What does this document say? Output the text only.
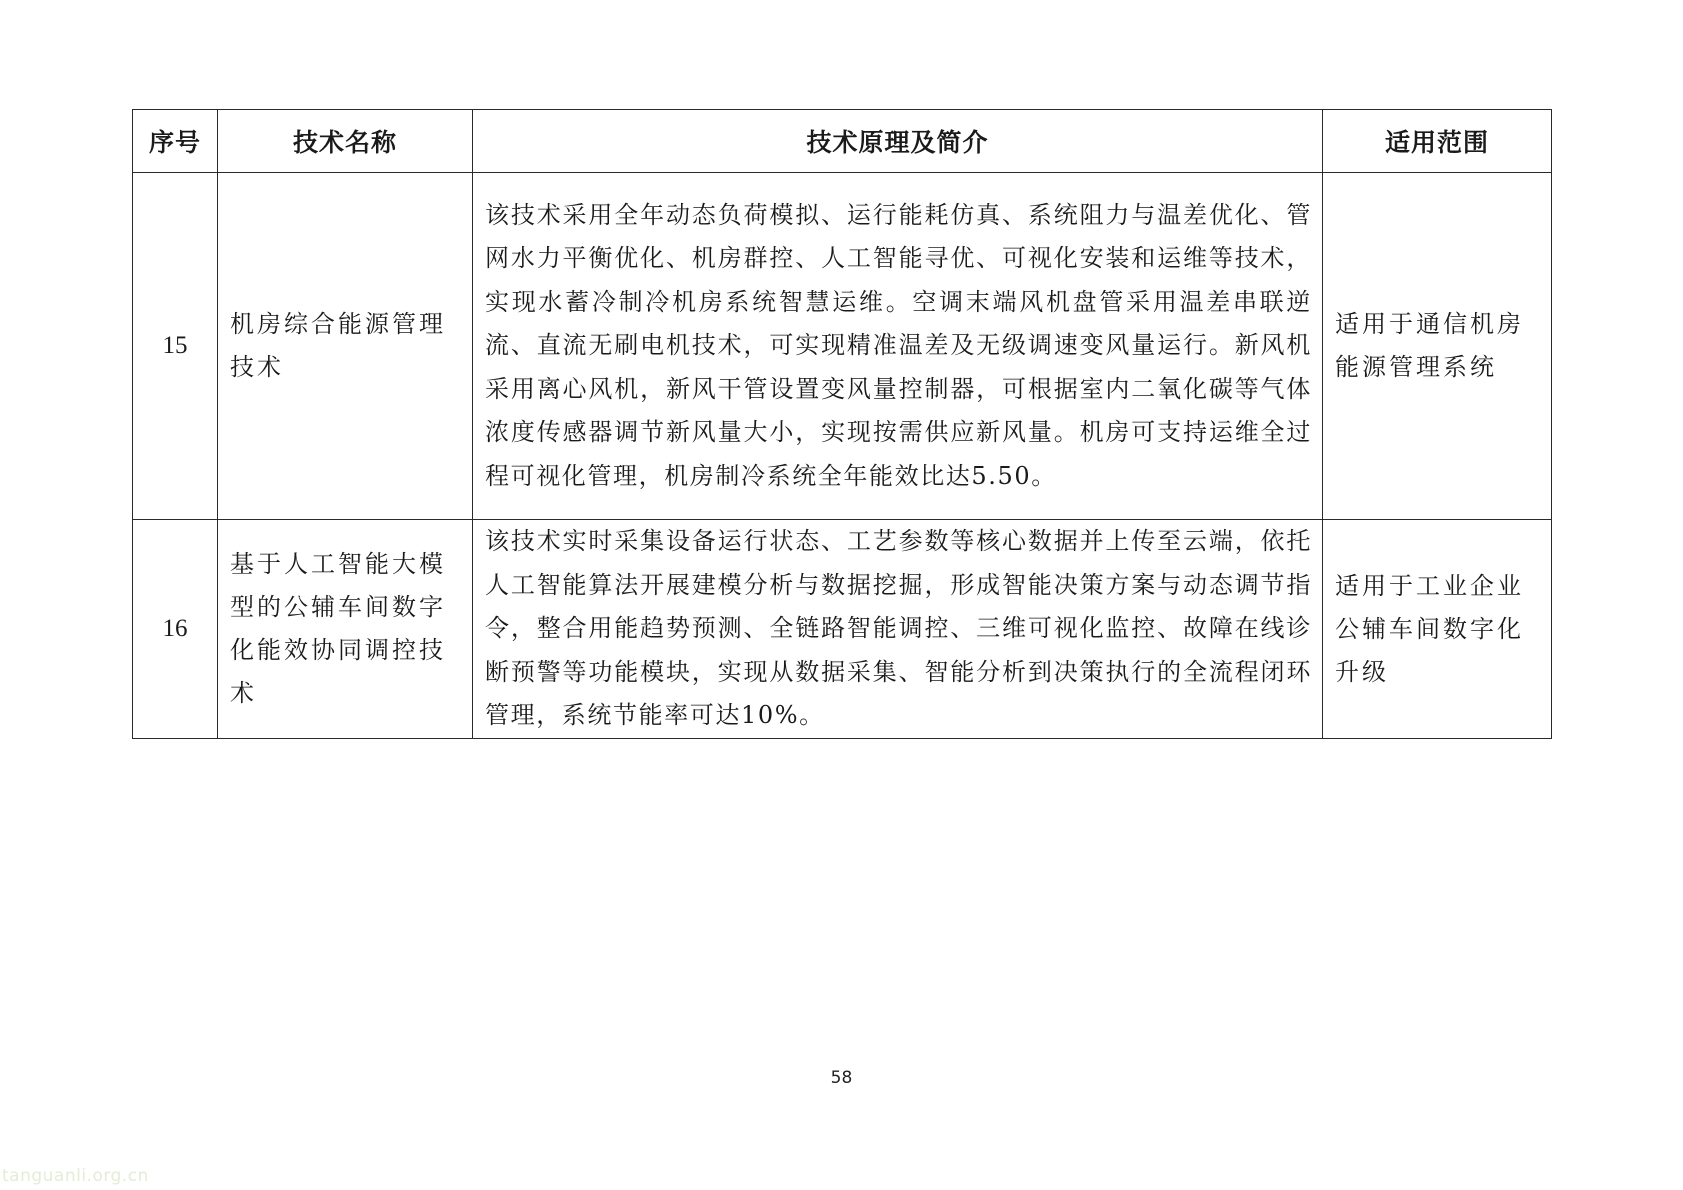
序号	技术名称	技术原理及简介	适用范围
15	机房综合能源管理技术	该技术采用全年动态负荷模拟、运行能耗仿真、系统阻力与温差优化、管网水力平衡优化、机房群控、人工智能寻优、可视化安装和运维等技术，实现水蓄冷制冷机房系统智慧运维。空调末端风机盘管采用温差串联逆流、直流无刷电机技术，可实现精准温差及无级调速变风量运行。新风机采用离心风机，新风干管设置变风量控制器，可根据室内二氧化碳等气体浓度传感器调节新风量大小，实现按需供应新风量。机房可支持运维全过程可视化管理，机房制冷系统全年能效比达5.50。	适用于通信机房能源管理系统
16	基于人工智能大模型的公辅车间数字化能效协同调控技术	该技术实时采集设备运行状态、工艺参数等核心数据并上传至云端，依托人工智能算法开展建模分析与数据挖掘，形成智能决策方案与动态调节指令，整合用能趋势预测、全链路智能调控、三维可视化监控、故障在线诊断预警等功能模块，实现从数据采集、智能分析到决策执行的全流程闭环管理，系统节能率可达10%。	适用于工业企业公辅车间数字化升级
58
tanguanli.org.cn
